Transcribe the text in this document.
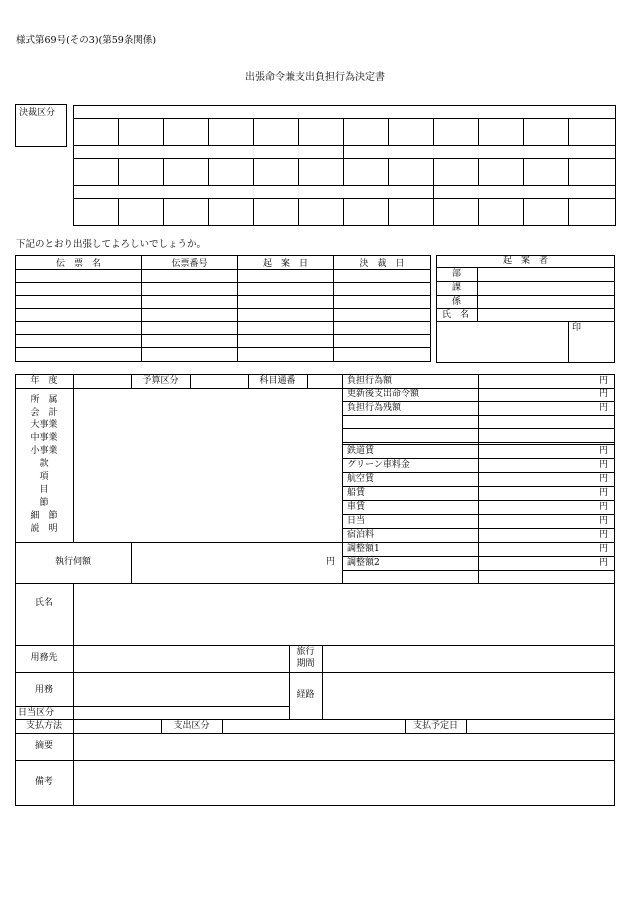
様式第69号(その3)(第59条関係)
出張命令兼支出負担行為決定書
決裁区分

下記のとおり出張してよろしいでしょうか。
伝　票　名	伝票番号	起　案　日	決　裁　日

				起　案　者
部
課
係
氏　名
印
年　度	予算区分	科目通番
執行伺額	円
所　属
会　計
大事業
中事業
小事業
款
項
目
節
細　節
説　明
負担行為額	円
更新後支出命令額	円
負担行為残額	円
鉄道賃	円
グリーン車料金	円
航空賃	円
船賃	円
車賃	円
日当	円
宿泊料	円
調整額1	円
調整額2	円
氏名
用務先
旅行
期間
用務	経路
日当区分
支払方法	支出区分	支払予定日
摘要
備考
